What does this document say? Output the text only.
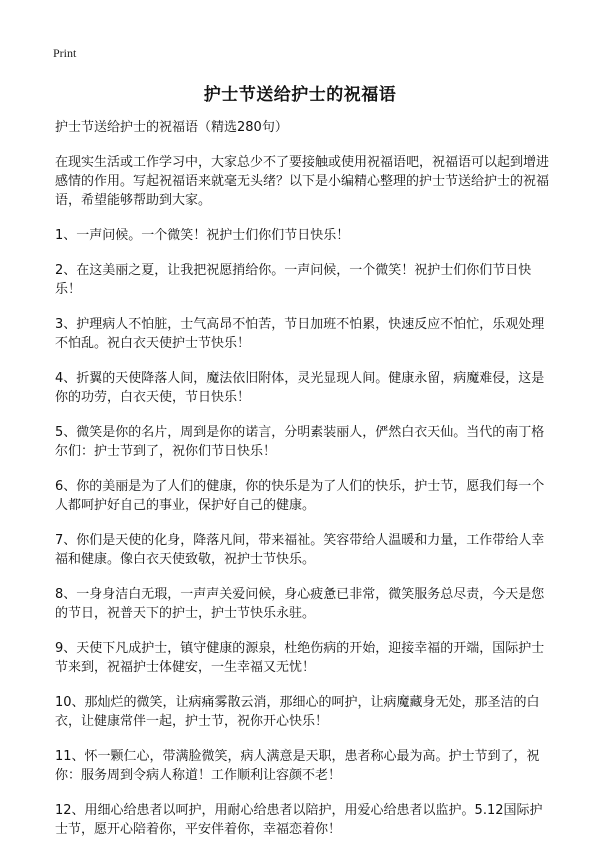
Print
护士节送给护士的祝福语

护士节送给护士的祝福语（精选280句）

在现实生活或工作学习中，大家总少不了要接触或使用祝福语吧，祝福语可以起到增进感情的作用。写起祝福语来就毫无头绪？以下是小编精心整理的护士节送给护士的祝福语，希望能够帮助到大家。

1、一声问候。一个微笑！祝护士们你们节日快乐！

2、在这美丽之夏，让我把祝愿捎给你。一声问候，一个微笑！祝护士们你们节日快乐！

3、护理病人不怕脏，士气高昂不怕苦，节日加班不怕累，快速反应不怕忙，乐观处理不怕乱。祝白衣天使护士节快乐！

4、折翼的天使降落人间，魔法依旧附体，灵光显现人间。健康永留，病魔难侵，这是你的功劳，白衣天使，节日快乐！

5、微笑是你的名片，周到是你的诺言，分明素装丽人，俨然白衣天仙。当代的南丁格尔们：护士节到了，祝你们节日快乐！

6、你的美丽是为了人们的健康，你的快乐是为了人们的快乐，护士节，愿我们每一个人都呵护好自己的事业，保护好自己的健康。

7、你们是天使的化身，降落凡间，带来福祉。笑容带给人温暖和力量，工作带给人幸福和健康。像白衣天使致敬，祝护士节快乐。

8、一身身洁白无瑕，一声声关爱问候，身心疲惫已非常，微笑服务总尽责，今天是您的节日，祝普天下的护士，护士节快乐永驻。

9、天使下凡成护士，镇守健康的源泉，杜绝伤病的开始，迎接幸福的开端，国际护士节来到，祝福护士体健安，一生幸福又无忧！

10、那灿烂的微笑，让病痛雾散云消，那细心的呵护，让病魔藏身无处，那圣洁的白衣，让健康常伴一起，护士节，祝你开心快乐！

11、怀一颗仁心，带满脸微笑，病人满意是天职，患者称心最为高。护士节到了，祝你：服务周到令病人称道！工作顺利让容颜不老！

12、用细心给患者以呵护，用耐心给患者以陪护，用爱心给患者以监护。5.12国际护士节，愿开心陪着你，平安伴着你，幸福恋着你！
